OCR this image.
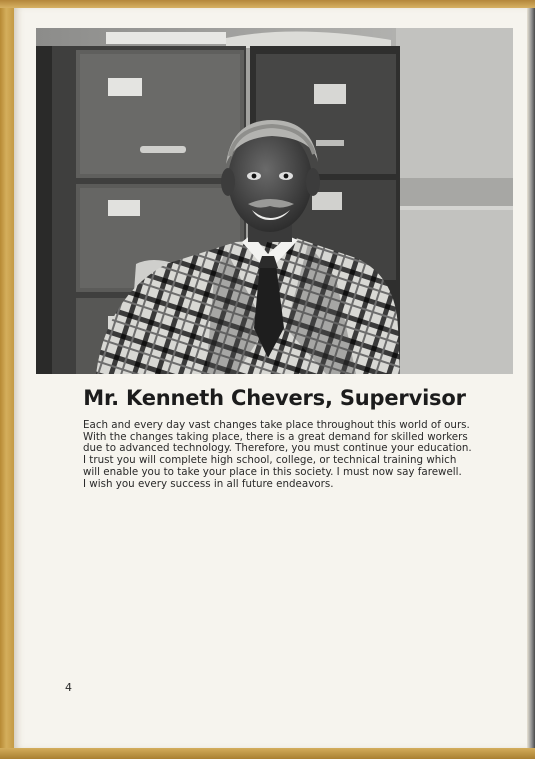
Mr. Kenneth Chevers, Supervisor
Each and every day vast changes take place throughout this world of ours.
With the changes taking place, there is a great demand for skilled workers
due to advanced technology. Therefore, you must continue your education.
I trust you will complete high school, college, or technical training which
will enable you to take your place in this society. I must now say farewell.
I wish you every success in all future endeavors.
4
